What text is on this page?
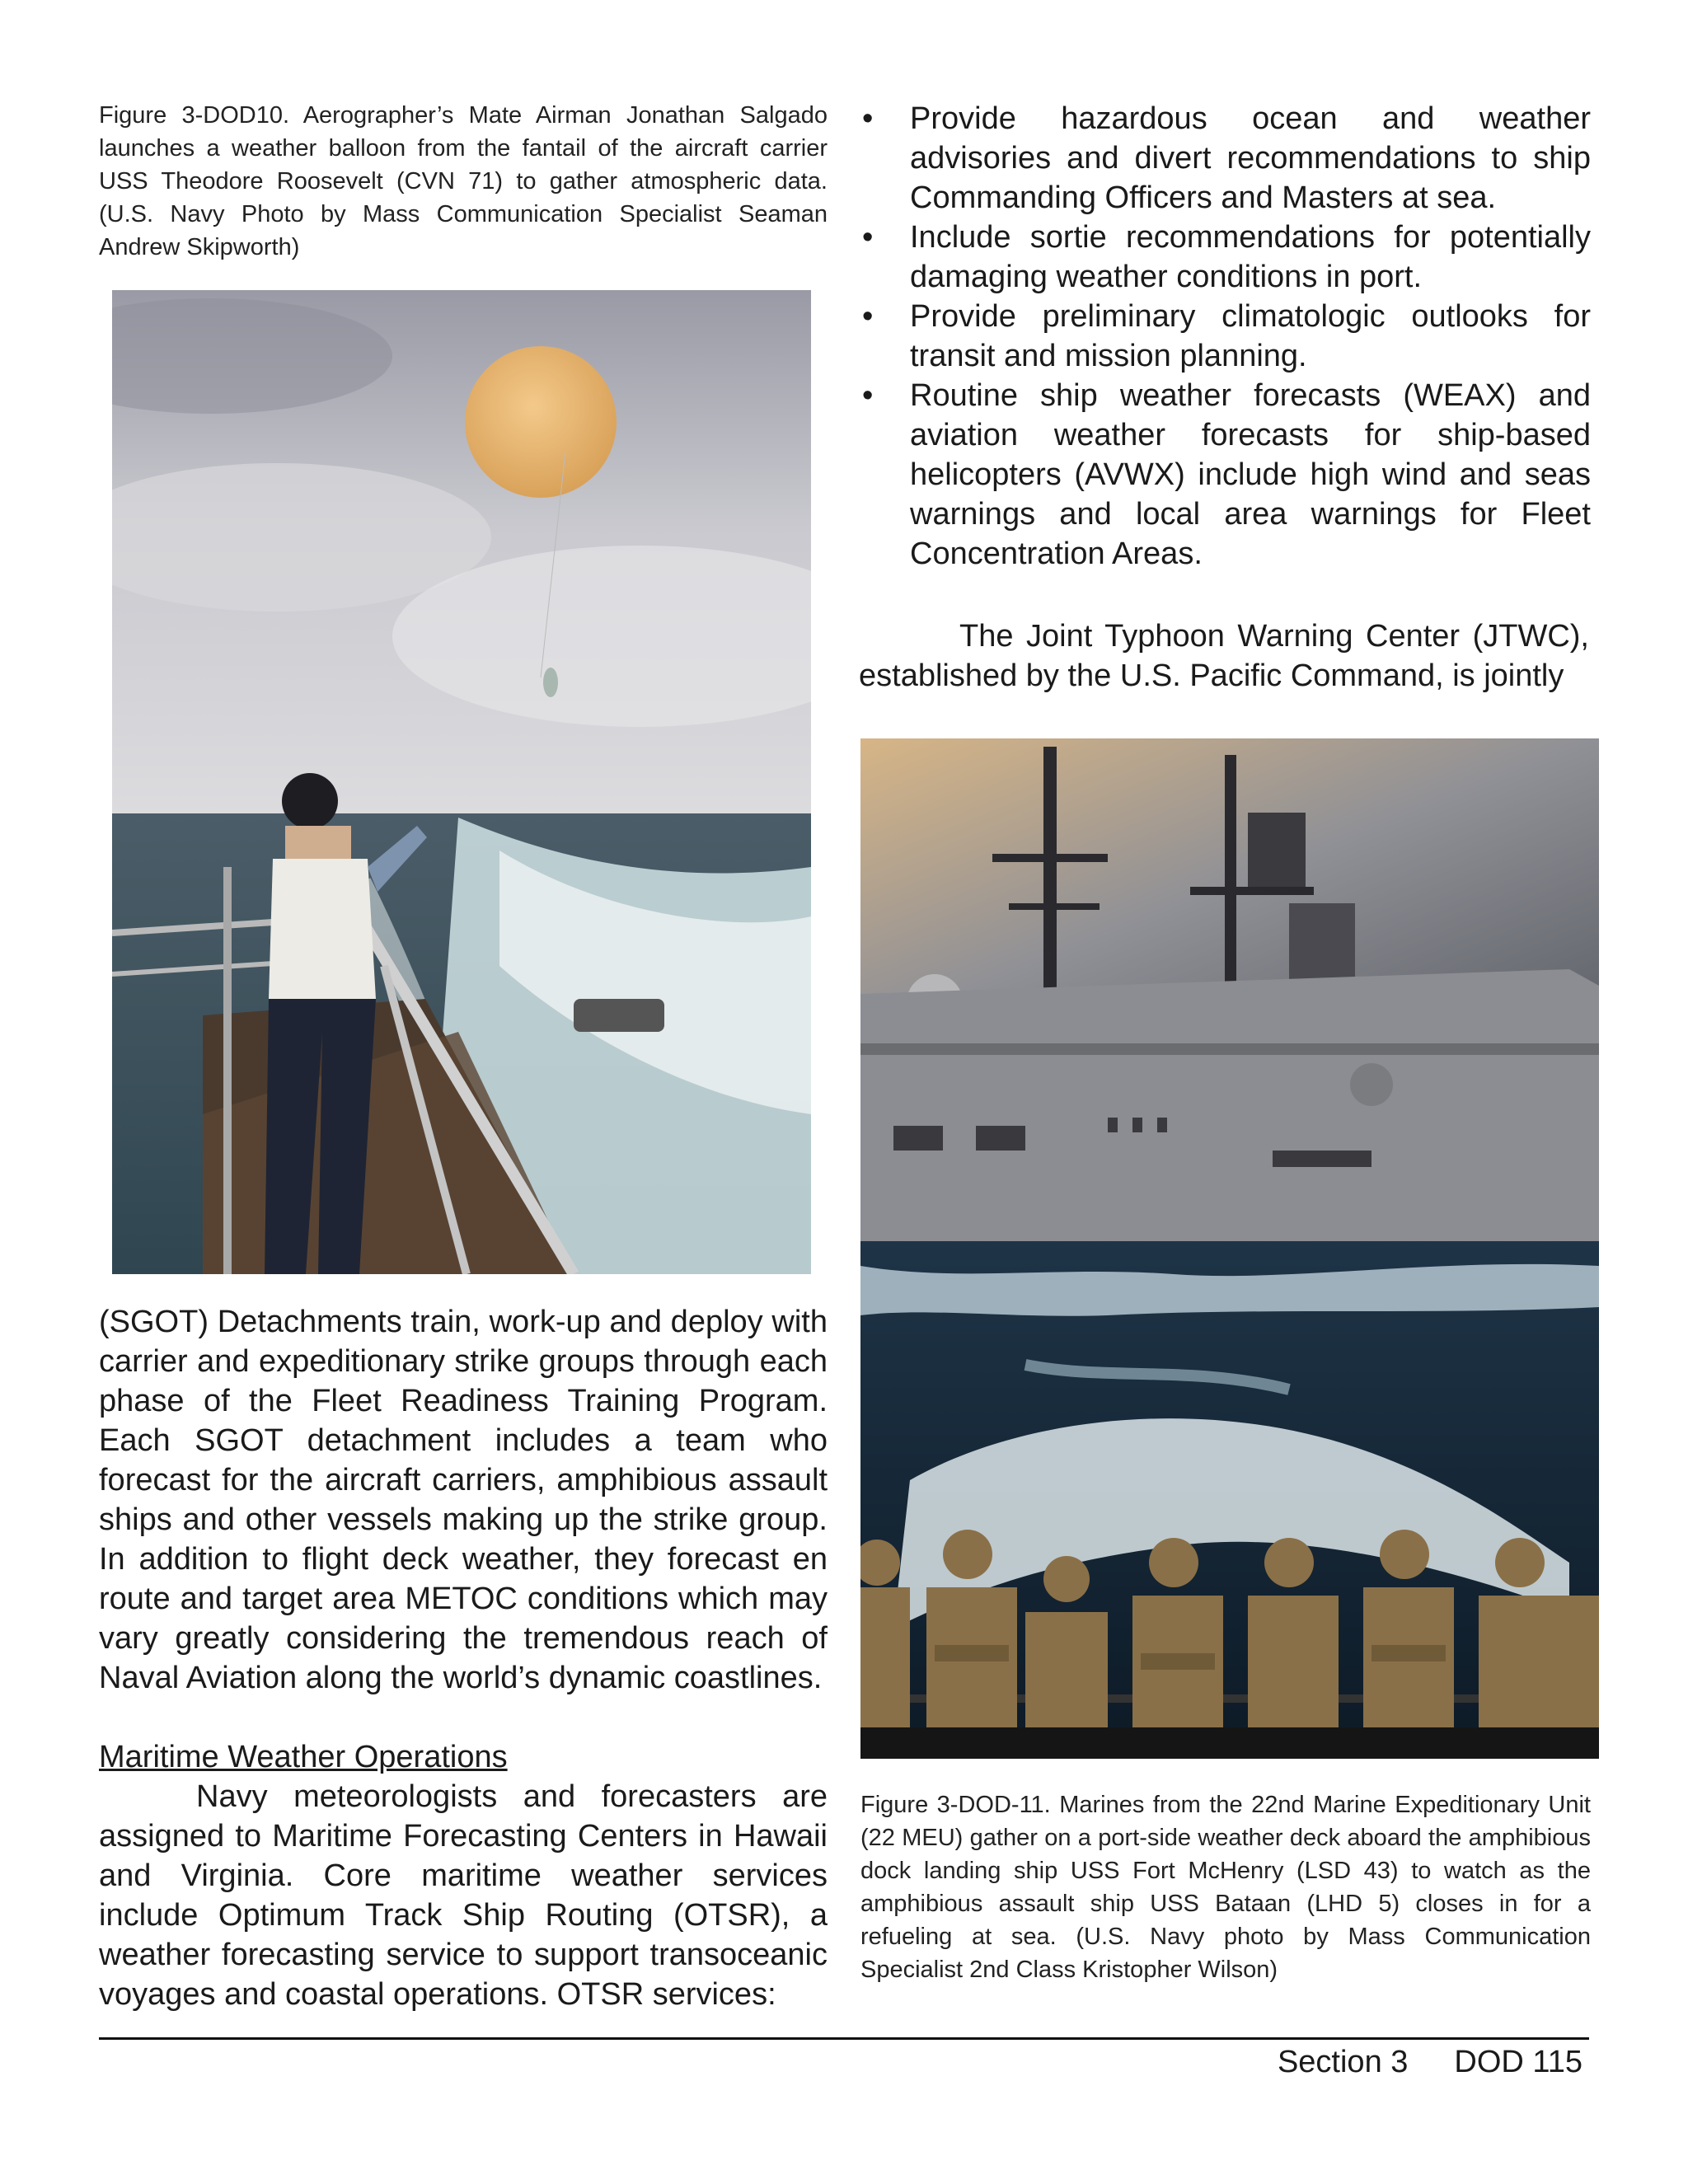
Figure 3-DOD10. Aerographer’s Mate Airman Jonathan Salgado launches a weather balloon from the fantail of the aircraft carrier USS Theodore Roosevelt (CVN 71) to gather atmospheric data. (U.S. Navy Photo by Mass Communication Specialist Seaman Andrew Skipworth)
• Provide hazardous ocean and weather advisories and divert recommendations to ship Commanding Officers and Masters at sea.
• Include sortie recommendations for potentially damaging weather conditions in port.
• Provide preliminary climatologic outlooks for transit and mission planning.
• Routine ship weather forecasts (WEAX) and aviation weather forecasts for ship-based helicopters (AVWX) include high wind and seas warnings and local area warnings for Fleet Concentration Areas.
The Joint Typhoon Warning Center (JTWC), established by the U.S. Pacific Command, is jointly
(SGOT) Detachments train, work-up and deploy with carrier and expeditionary strike groups through each phase of the Fleet Readiness Training Program. Each SGOT detachment includes a team who forecast for the aircraft carriers, amphibious assault ships and other vessels making up the strike group. In addition to flight deck weather, they forecast en route and target area METOC conditions which may vary greatly considering the tremendous reach of Naval Aviation along the world’s dynamic coastlines.
Maritime Weather Operations

Navy meteorologists and forecasters are assigned to Maritime Forecasting Centers in Hawaii and Virginia. Core maritime weather services include Optimum Track Ship Routing (OTSR), a weather forecasting service to support transoceanic voyages and coastal operations. OTSR services:

Figure 3-DOD-11. Marines from the 22nd Marine Expeditionary Unit (22 MEU) gather on a port-side weather deck aboard the amphibious dock landing ship USS Fort McHenry (LSD 43) to watch as the amphibious assault ship USS Bataan (LHD 5) closes in for a refueling at sea. (U.S. Navy photo by Mass Communication Specialist 2nd Class Kristopher Wilson)
Section 3 DOD 115
